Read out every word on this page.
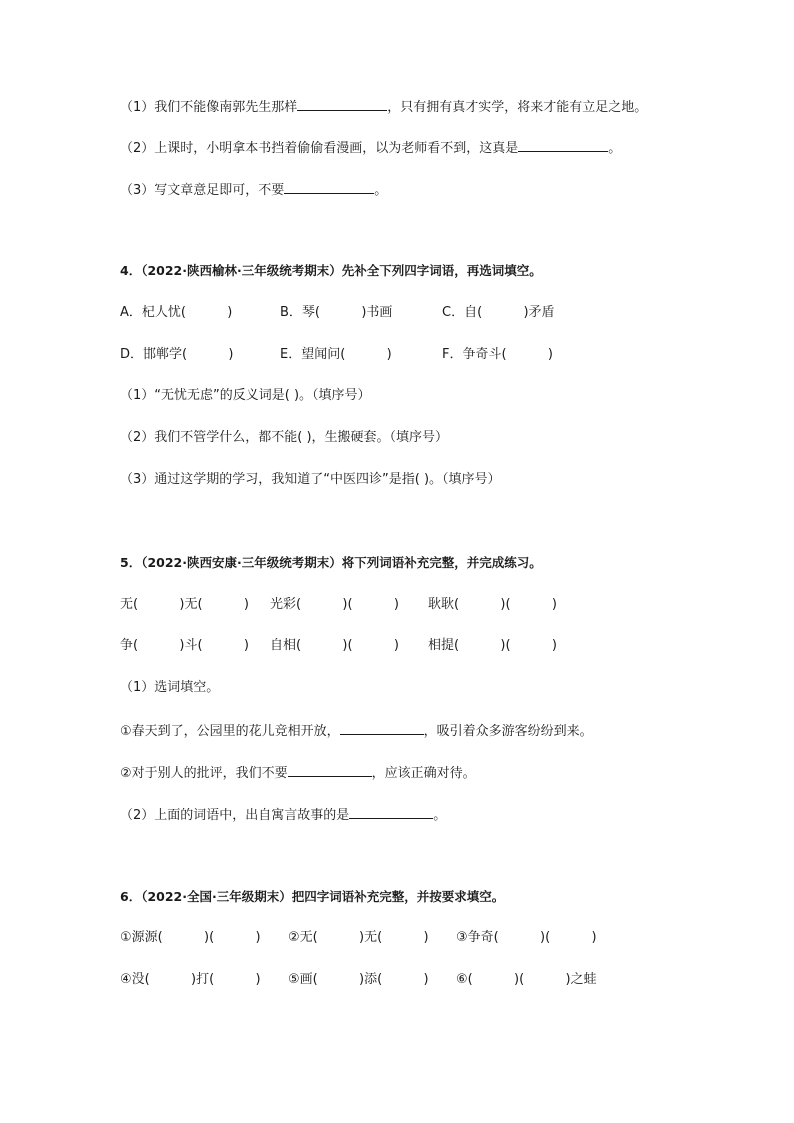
（1）我们不能像南郭先生那样	，只有拥有真才实学，将来才能有立足之地。

（2）上课时，小明拿本书挡着偷偷看漫画，以为老师看不到，这真是	。

（3）写文章意足即可，不要	。

4．（2022·陕西榆林·三年级统考期末）先补全下列四字词语，再选词填空。

A．杞人忧(          )	B．琴(          )书画	C．自(          )矛盾
D．邯郸学(          )	E．望闻问(          )	F．争奇斗(          )

（1）“无忧无虑”的反义词是( )。（填序号）

（2）我们不管学什么，都不能( )，生搬硬套。（填序号）

（3）通过这学期的学习，我知道了“中医四诊”是指( )。（填序号）

5．（2022·陕西安康·三年级统考期末）将下列词语补充完整，并完成练习。

无(          )无(          ) 光彩(          )(          ) 耿耿(          )(          )
争(          )斗(          ) 自相(          )(          ) 相提(          )(          )

（1）选词填空。

①春天到了，公园里的花儿竞相开放，	，吸引着众多游客纷纷到来。

②对于别人的批评，我们不要	，应该正确对待。

（2）上面的词语中，出自寓言故事的是	。

6．（2022·全国·三年级期末）把四字词语补充完整，并按要求填空。

①源源(          )(          ) ②无(          )无(          ) ③争奇(          )(          )
④没(          )打(          ) ⑤画(          )添(          ) ⑥(          )(          )之蛙
